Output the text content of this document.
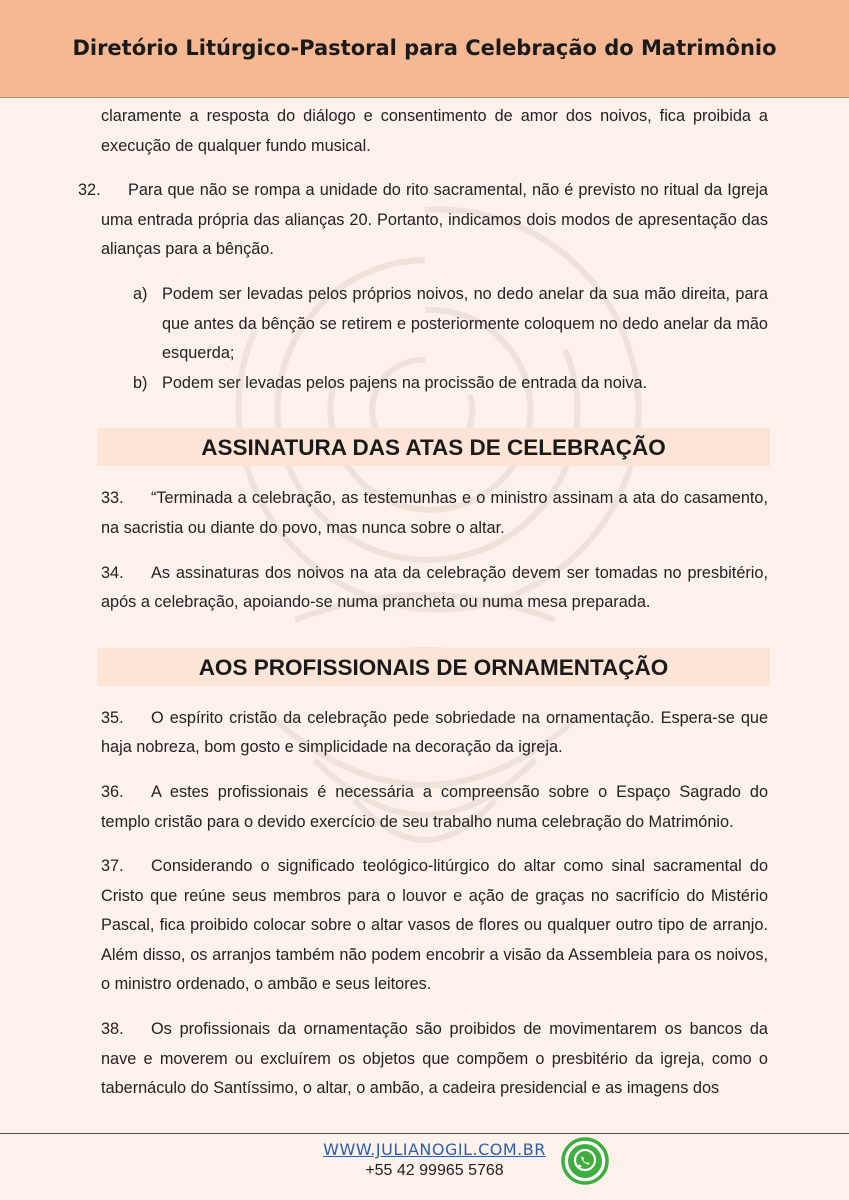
Diretório Litúrgico-Pastoral para Celebração do Matrimônio

claramente a resposta do diálogo e consentimento de amor dos noivos, fica proibida a execução de qualquer fundo musical.

32. Para que não se rompa a unidade do rito sacramental, não é previsto no ritual da Igreja uma entrada própria das alianças 20. Portanto, indicamos dois modos de apresentação das alianças para a bênção.

a) Podem ser levadas pelos próprios noivos, no dedo anelar da sua mão direita, para que antes da bênção se retirem e posteriormente coloquem no dedo anelar da mão esquerda;
b) Podem ser levadas pelos pajens na procissão de entrada da noiva.
ASSINATURA DAS ATAS DE CELEBRAÇÃO

33. “Terminada a celebração, as testemunhas e o ministro assinam a ata do casamento, na sacristia ou diante do povo, mas nunca sobre o altar.

34. As assinaturas dos noivos na ata da celebração devem ser tomadas no presbitério, após a celebração, apoiando-se numa prancheta ou numa mesa preparada.

AOS PROFISSIONAIS DE ORNAMENTAÇÃO

35. O espírito cristão da celebração pede sobriedade na ornamentação. Espera-se que haja nobreza, bom gosto e simplicidade na decoração da igreja.

36. A estes profissionais é necessária a compreensão sobre o Espaço Sagrado do templo cristão para o devido exercício de seu trabalho numa celebração do Matrimónio.

37. Considerando o significado teológico-litúrgico do altar como sinal sacramental do Cristo que reúne seus membros para o louvor e ação de graças no sacrifício do Mistério Pascal, fica proibido colocar sobre o altar vasos de flores ou qualquer outro tipo de arranjo. Além disso, os arranjos também não podem encobrir a visão da Assembleia para os noivos, o ministro ordenado, o ambão e seus leitores.

38. Os profissionais da ornamentação são proibidos de movimentarem os bancos da nave e moverem ou excluírem os objetos que compõem o presbitério da igreja, como o tabernáculo do Santíssimo, o altar, o ambão, a cadeira presidencial e as imagens dos

WWW.JULIANOGIL.COM.BR
+55 42 99965 5768
